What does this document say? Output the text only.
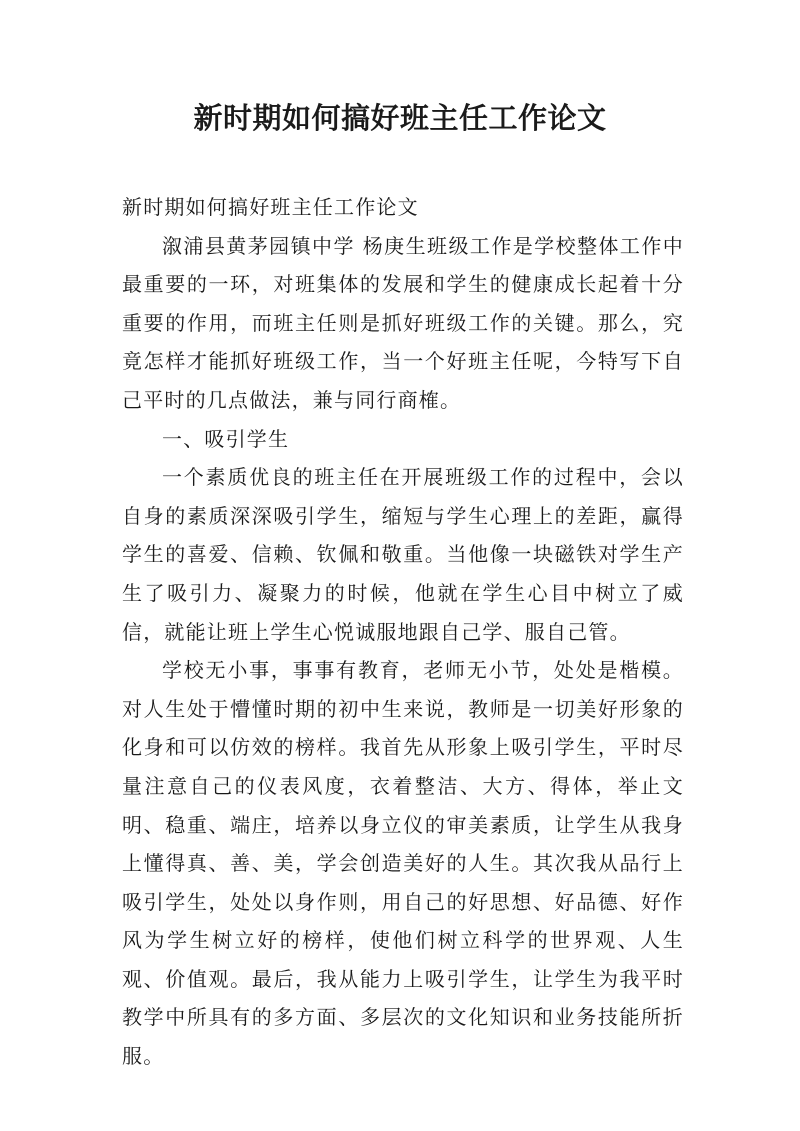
新时期如何搞好班主任工作论文

新时期如何搞好班主任工作论文

溆浦县黄茅园镇中学 杨庚生班级工作是学校整体工作中最重要的一环，对班集体的发展和学生的健康成长起着十分重要的作用，而班主任则是抓好班级工作的关键。那么，究竟怎样才能抓好班级工作，当一个好班主任呢，今特写下自己平时的几点做法，兼与同行商榷。

一、吸引学生

一个素质优良的班主任在开展班级工作的过程中，会以自身的素质深深吸引学生，缩短与学生心理上的差距，赢得学生的喜爱、信赖、钦佩和敬重。当他像一块磁铁对学生产生了吸引力、凝聚力的时候，他就在学生心目中树立了威信，就能让班上学生心悦诚服地跟自己学、服自己管。

学校无小事，事事有教育，老师无小节，处处是楷模。对人生处于懵懂时期的初中生来说，教师是一切美好形象的化身和可以仿效的榜样。我首先从形象上吸引学生，平时尽量注意自己的仪表风度，衣着整洁、大方、得体，举止文明、稳重、端庄，培养以身立仪的审美素质，让学生从我身上懂得真、善、美，学会创造美好的人生。其次我从品行上吸引学生，处处以身作则，用自己的好思想、好品德、好作风为学生树立好的榜样，使他们树立科学的世界观、人生观、价值观。最后，我从能力上吸引学生，让学生为我平时教学中所具有的多方面、多层次的文化知识和业务技能所折服。
